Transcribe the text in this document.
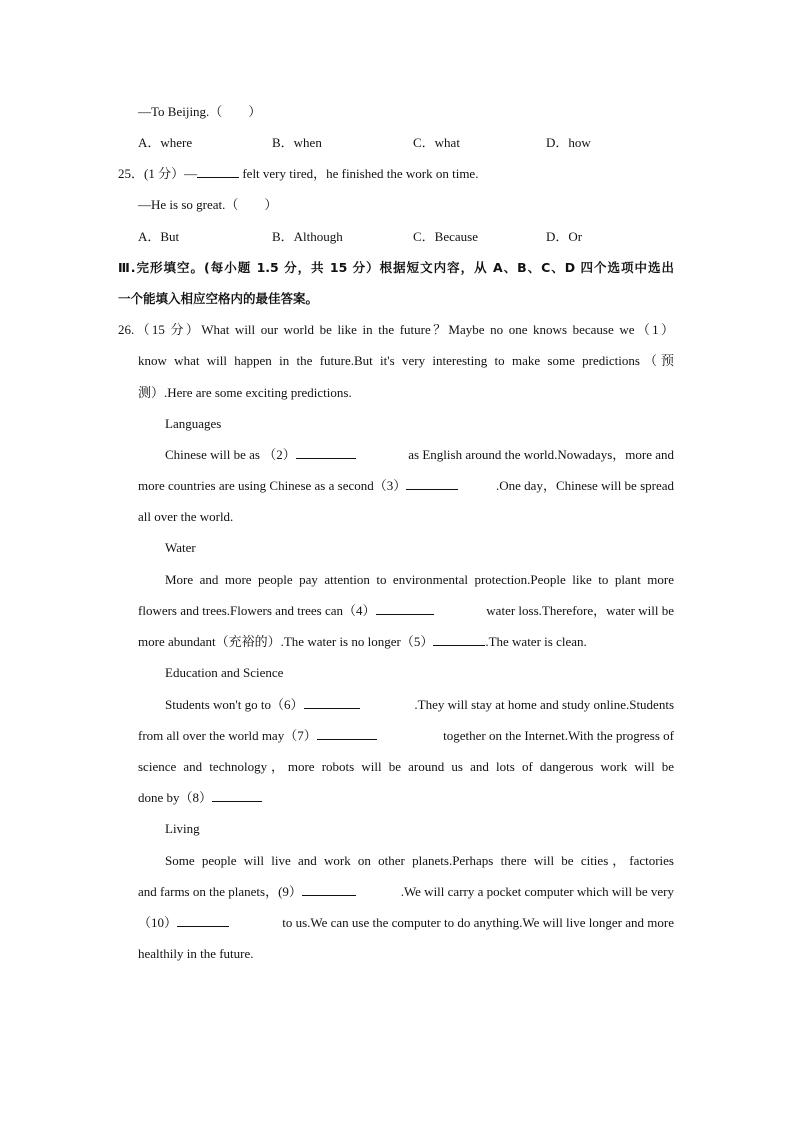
—To Beijing.（　　）
A．where	B．when	C．what	D．how
25．(1 分）—	felt very tired，he finished the work on time.
—He is so great.（　　）
A．But	B．Although	C．Because	D．Or
Ⅲ.完形填空。(每小题 1.5 分，共 15 分）根据短文内容，从 A、B、C、D 四个选项中选出
一个能填入相应空格内的最佳答案。
26.（15 分）What will our world be like in the future？Maybe no one knows because we（1）
know what will happen in the future.But it's very interesting to make some predictions（预
测）.Here are some exciting predictions.
Languages
Chinese will be as （2）	as English around the world.Nowadays，more and
more countries are using Chinese as a second（3）	.One day，Chinese will be spread
all over the world.
Water
More and more people pay attention to environmental protection.People like to plant more
flowers and trees.Flowers and trees can（4）	water loss.Therefore，water will be
more abundant（充裕的）.The water is no longer（5）	.The water is clean.
Education and Science
Students won't go to（6）	.They will stay at home and study online.Students
from all over the world may（7）	together on the Internet.With the progress of
science and technology，more robots will be around us and lots of dangerous work will be
done by（8）
Living
Some people will live and work on other planets.Perhaps there will be cities，factories
and farms on the planets，(9）	.We will carry a pocket computer which will be very
（10）	to us.We can use the computer to do anything.We will live longer and more
healthily in the future.
